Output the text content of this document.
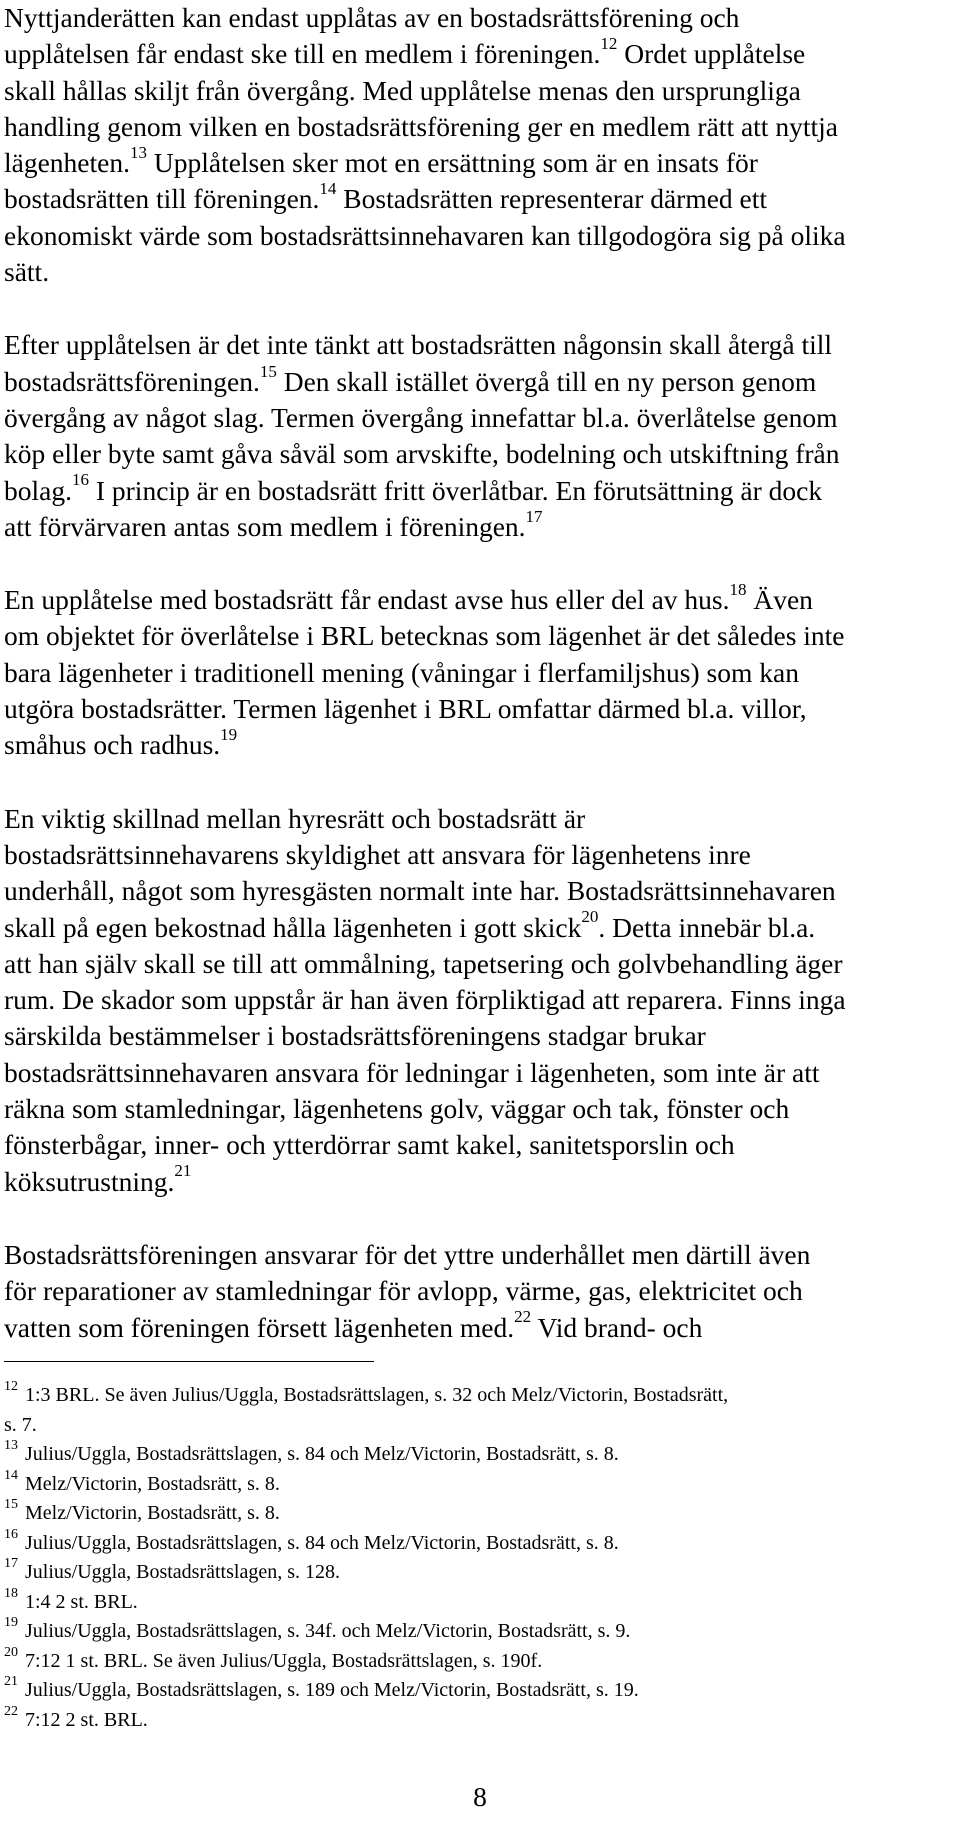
Nyttjanderätten kan endast upplåtas av en bostadsrättsförening och
upplåtelsen får endast ske till en medlem i föreningen.$^{12}$ Ordet upplåtelse
skall hållas skiljt från övergång. Med upplåtelse menas den ursprungliga
handling genom vilken en bostadsrättsförening ger en medlem rätt att nyttja
lägenheten.$^{13}$ Upplåtelsen sker mot en ersättning som är en insats för
bostadsrätten till föreningen.$^{14}$ Bostadsrätten representerar därmed ett
ekonomiskt värde som bostadsrättsinnehavaren kan tillgodogöra sig på olika
sätt.

Efter upplåtelsen är det inte tänkt att bostadsrätten någonsin skall återgå till
bostadsrättsföreningen.$^{15}$ Den skall istället övergå till en ny person genom
övergång av något slag. Termen övergång innefattar bl.a. överlåtelse genom
köp eller byte samt gåva såväl som arvskifte, bodelning och utskiftning från
bolag.$^{16}$ I princip är en bostadsrätt fritt överlåtbar. En förutsättning är dock
att förvärvaren antas som medlem i föreningen.$^{17}$

En upplåtelse med bostadsrätt får endast avse hus eller del av hus.$^{18}$ Även
om objektet för överlåtelse i BRL betecknas som lägenhet är det således inte
bara lägenheter i traditionell mening (våningar i flerfamiljshus) som kan
utgöra bostadsrätter. Termen lägenhet i BRL omfattar därmed bl.a. villor,
småhus och radhus.$^{19}$

En viktig skillnad mellan hyresrätt och bostadsrätt är
bostadsrättsinnehavarens skyldighet att ansvara för lägenhetens inre
underhåll, något som hyresgästen normalt inte har. Bostadsrättsinnehavaren
skall på egen bekostnad hålla lägenheten i gott skick$^{20}$. Detta innebär bl.a.
att han själv skall se till att ommålning, tapetsering och golvbehandling äger
rum. De skador som uppstår är han även förpliktigad att reparera. Finns inga
särskilda bestämmelser i bostadsrättsföreningens stadgar brukar
bostadsrättsinnehavaren ansvara för ledningar i lägenheten, som inte är att
räkna som stamledningar, lägenhetens golv, väggar och tak, fönster och
fönsterbågar, inner- och ytterdörrar samt kakel, sanitetsporslin och
köksutrustning.$^{21}$

Bostadsrättsföreningen ansvarar för det yttre underhållet men därtill även
för reparationer av stamledningar för avlopp, värme, gas, elektricitet och
vatten som föreningen försett lägenheten med.$^{22}$ Vid brand- och

$^{12}$ 1:3 BRL. Se även Julius/Uggla, Bostadsrättslagen, s. 32 och Melz/Victorin, Bostadsrätt,
s. 7.
$^{13}$ Julius/Uggla, Bostadsrättslagen, s. 84 och Melz/Victorin, Bostadsrätt, s. 8.
$^{14}$ Melz/Victorin, Bostadsrätt, s. 8.
$^{15}$ Melz/Victorin, Bostadsrätt, s. 8.
$^{16}$ Julius/Uggla, Bostadsrättslagen, s. 84 och Melz/Victorin, Bostadsrätt, s. 8.
$^{17}$ Julius/Uggla, Bostadsrättslagen, s. 128.
$^{18}$ 1:4 2 st. BRL.
$^{19}$ Julius/Uggla, Bostadsrättslagen, s. 34f. och Melz/Victorin, Bostadsrätt, s. 9.
$^{20}$ 7:12 1 st. BRL. Se även Julius/Uggla, Bostadsrättslagen, s. 190f.
$^{21}$ Julius/Uggla, Bostadsrättslagen, s. 189 och Melz/Victorin, Bostadsrätt, s. 19.
$^{22}$ 7:12 2 st. BRL.
8
